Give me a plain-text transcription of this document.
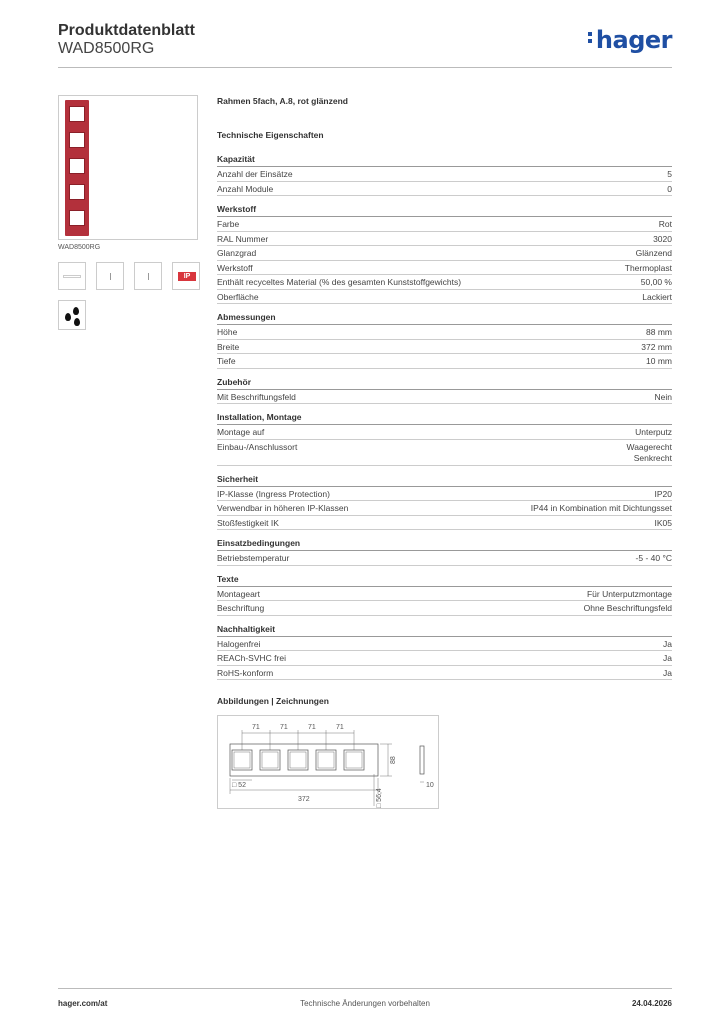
Produktdatenblatt
WAD8500RG	hager
WAD8500RG
IP
Rahmen 5fach, A.8, rot glänzend
Technische Eigenschaften
Kapazität
Anzahl der Einsätze	5
Anzahl Module	0
Werkstoff
Farbe	Rot
RAL Nummer	3020
Glanzgrad	Glänzend
Werkstoff	Thermoplast
Enthält recyceltes Material (% des gesamten Kunststoffgewichts)	50,00 %
Oberfläche	Lackiert
Abmessungen
Höhe	88 mm
Breite	372 mm
Tiefe	10 mm
Zubehör
Mit Beschriftungsfeld	Nein
Installation, Montage
Montage auf	Unterputz
Einbau-/Anschlussort	Waagerecht
Senkrecht
Sicherheit
IP-Klasse (Ingress Protection)	IP20
Verwendbar in höheren IP-Klassen	IP44 in Kombination mit Dichtungsset
Stoßfestigkeit IK	IK05
Einsatzbedingungen
Betriebstemperatur	-5 - 40 °C
Texte
Montageart	Für Unterputzmontage
Beschriftung	Ohne Beschriftungsfeld
Nachhaltigkeit
Halogenfrei	Ja
REACh-SVHC frei	Ja
RoHS-konform	Ja
Abbildungen | Zeichnungen
71	71	71	71
□ 52
372
88
10
□ 56,4
hager.com/at	Technische Änderungen vorbehalten	24.04.2026
